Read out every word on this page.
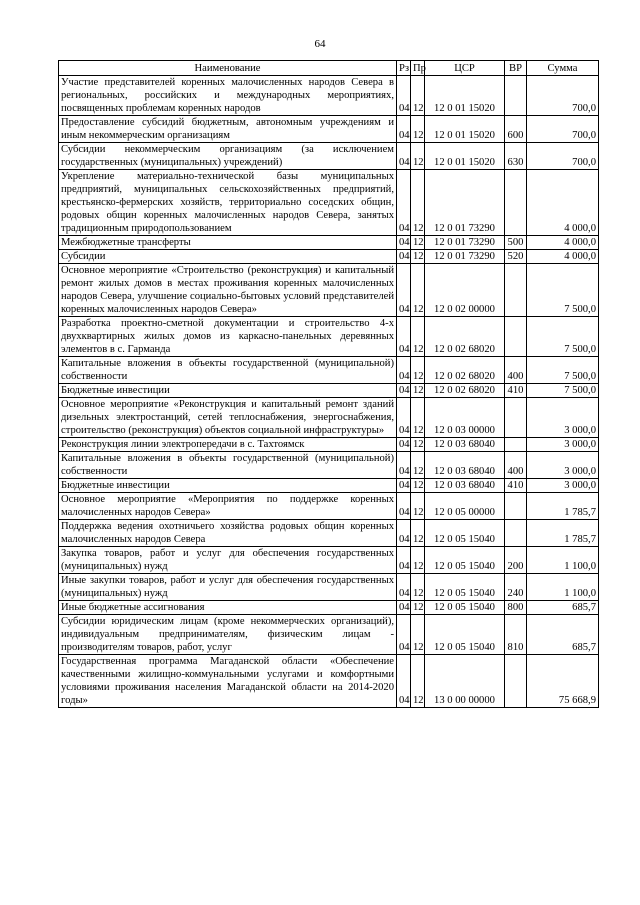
64
Наименование	Рз	Пр	ЦСР	ВР	Сумма
Участие представителей коренных малочисленных народов Севера в региональных, российских и международных мероприятиях, посвященных проблемам коренных народов	04	12	12 0 01 15020		700,0
Предоставление субсидий бюджетным, автономным учреждениям и иным некоммерческим организациям	04	12	12 0 01 15020	600	700,0
Субсидии некоммерческим организациям (за исключением государственных (муниципальных) учреждений)	04	12	12 0 01 15020	630	700,0
Укрепление материально-технической базы муниципальных предприятий, муниципальных сельскохозяйственных предприятий, крестьянско-фермерских хозяйств, территориально соседских общин, родовых общин коренных малочисленных народов Севера, занятых традиционным природопользованием	04	12	12 0 01 73290		4 000,0
Межбюджетные трансферты	04	12	12 0 01 73290	500	4 000,0
Субсидии	04	12	12 0 01 73290	520	4 000,0
Основное мероприятие «Строительство (реконструкция) и капитальный ремонт жилых домов в местах проживания коренных малочисленных народов Севера, улучшение социально-бытовых условий представителей коренных малочисленных народов Севера»	04	12	12 0 02 00000		7 500,0
Разработка проектно-сметной документации и строительство 4-х двухквартирных жилых домов из каркасно-панельных деревянных элементов в с. Гарманда	04	12	12 0 02 68020		7 500,0
Капитальные вложения в объекты государственной (муниципальной) собственности	04	12	12 0 02 68020	400	7 500,0
Бюджетные инвестиции	04	12	12 0 02 68020	410	7 500,0
Основное мероприятие «Реконструкция и капитальный ремонт зданий дизельных электростанций, сетей теплоснабжения, энергоснабжения, строительство (реконструкция) объектов социальной инфраструктуры»	04	12	12 0 03 00000		3 000,0
Реконструкция линии электропередачи в с. Тахтоямск	04	12	12 0 03 68040		3 000,0
Капитальные вложения в объекты государственной (муниципальной) собственности	04	12	12 0 03 68040	400	3 000,0
Бюджетные инвестиции	04	12	12 0 03 68040	410	3 000,0
Основное мероприятие «Мероприятия по поддержке коренных малочисленных народов Севера»	04	12	12 0 05 00000		1 785,7
Поддержка ведения охотничьего хозяйства родовых общин коренных малочисленных народов Севера	04	12	12 0 05 15040		1 785,7
Закупка товаров, работ и услуг для обеспечения государственных (муниципальных) нужд	04	12	12 0 05 15040	200	1 100,0
Иные закупки товаров, работ и услуг для обеспечения государственных (муниципальных) нужд	04	12	12 0 05 15040	240	1 100,0
Иные бюджетные ассигнования	04	12	12 0 05 15040	800	685,7
Субсидии юридическим лицам (кроме некоммерческих организаций), индивидуальным предпринимателям, физическим лицам - производителям товаров, работ, услуг	04	12	12 0 05 15040	810	685,7
Государственная программа Магаданской области «Обеспечение качественными жилищно-коммунальными услугами и комфортными условиями проживания населения Магаданской области на 2014-2020 годы»	04	12	13 0 00 00000		75 668,9
